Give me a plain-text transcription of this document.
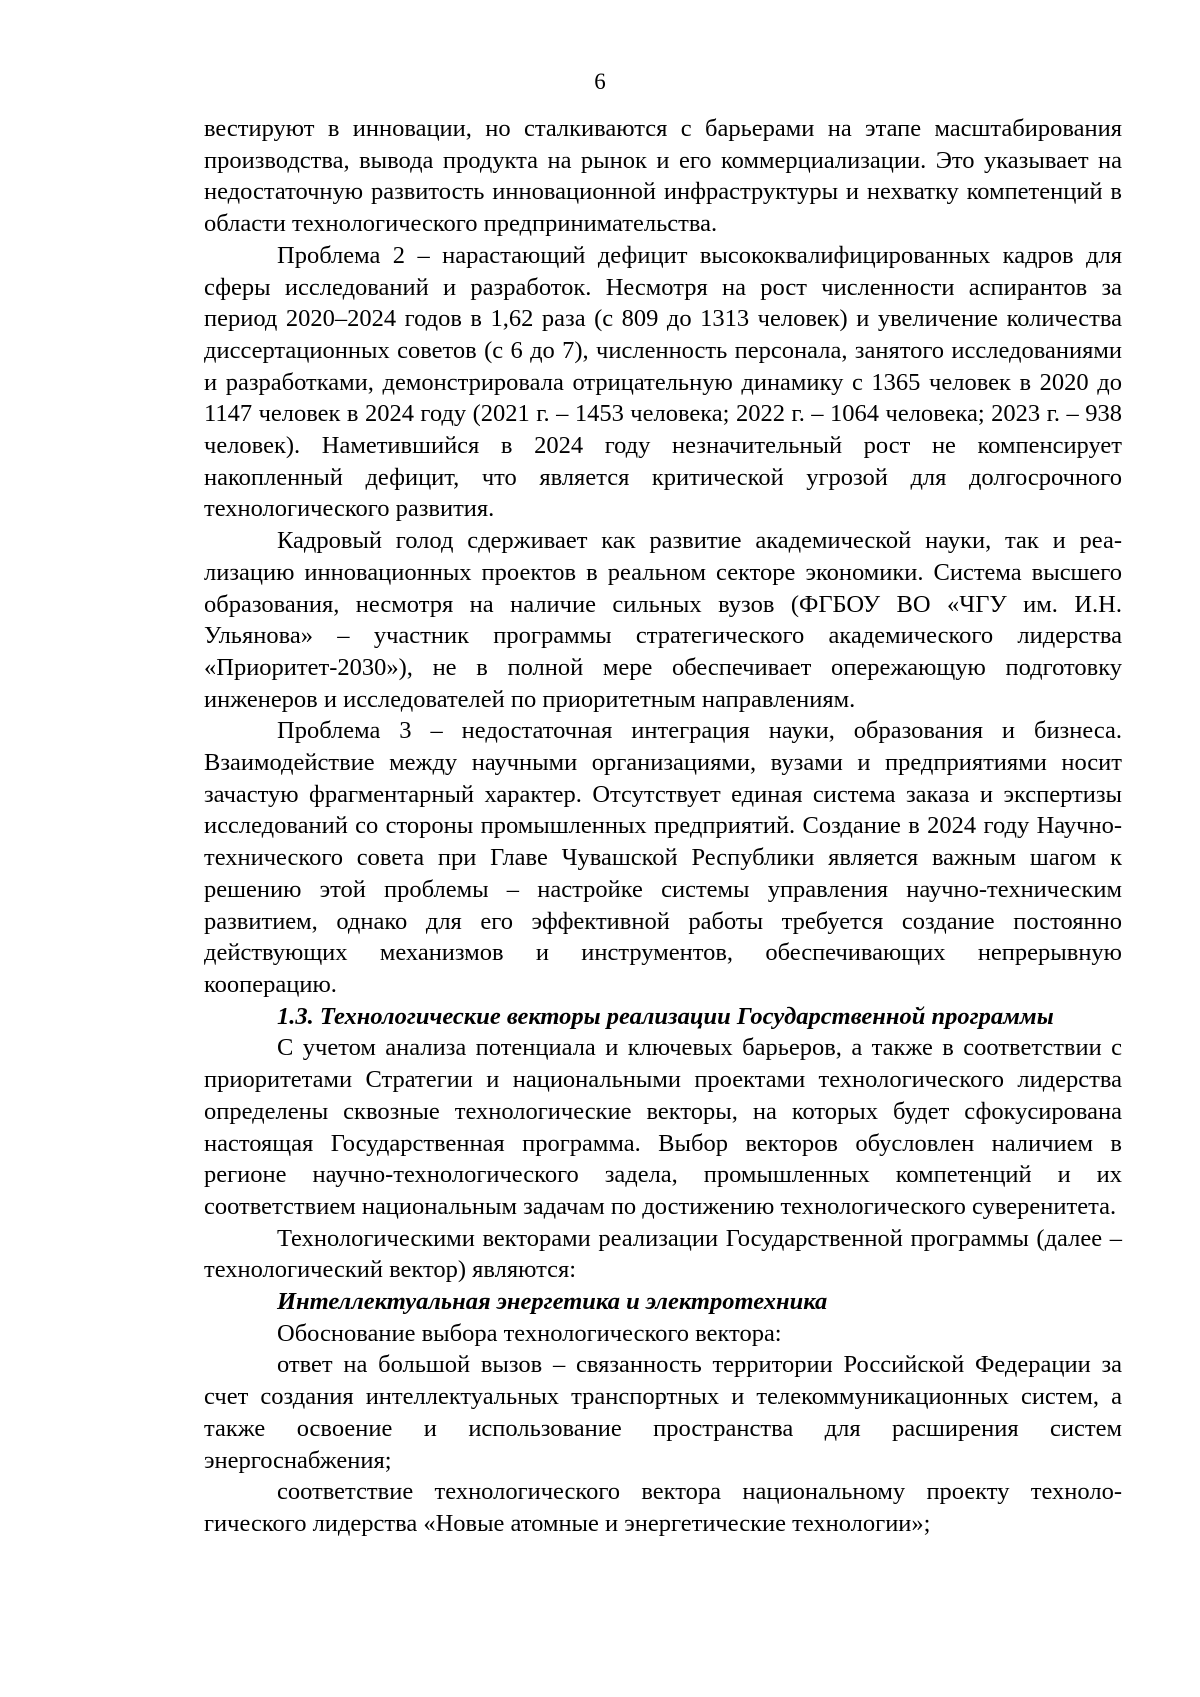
6

вестируют в инновации, но сталкиваются с барьерами на этапе масштабирования производства, вывода продукта на рынок и его коммерциализации. Это указывает на недостаточную развитость инновационной инфраструктуры и нехватку компетенций в области технологического предпринимательства.

Проблема 2 – нарастающий дефицит высококвалифицированных кадров для сферы исследований и разработок. Несмотря на рост численности аспирантов за период 2020–2024 годов в 1,62 раза (с 809 до 1313 человек) и увеличение количества диссертационных советов (с 6 до 7), численность персонала, занятого исследованиями и разработками, демонстрировала отрицательную динамику с 1365 человек в 2020 до 1147 человек в 2024 году (2021 г. – 1453 человека; 2022 г. – 1064 человека; 2023 г. – 938 человек). Наметившийся в 2024 году незначительный рост не компенсирует накопленный дефицит, что является критической угрозой для долгосрочного технологического развития.

Кадровый голод сдерживает как развитие академической науки, так и реализацию инновационных проектов в реальном секторе экономики. Система высшего образования, несмотря на наличие сильных вузов (ФГБОУ ВО «ЧГУ им. И.Н. Ульянова» – участник программы стратегического академического лидерства «Приоритет-2030»), не в полной мере обеспечивает опережающую подготовку инженеров и исследователей по приоритетным направлениям.

Проблема 3 – недостаточная интеграция науки, образования и бизнеса. Взаимодействие между научными организациями, вузами и предприятиями носит зачастую фрагментарный характер. Отсутствует единая система заказа и экспертизы исследований со стороны промышленных предприятий. Создание в 2024 году Научно-технического совета при Главе Чувашской Республики является важным шагом к решению этой проблемы – настройке системы управления научно-техническим развитием, однако для его эффективной работы требуется создание постоянно действующих механизмов и инструментов, обеспечивающих непрерывную кооперацию.

1.3. Технологические векторы реализации Государственной программы

С учетом анализа потенциала и ключевых барьеров, а также в соответствии с приоритетами Стратегии и национальными проектами технологического лидерства определены сквозные технологические векторы, на которых будет сфокусирована настоящая Государственная программа. Выбор векторов обусловлен наличием в регионе научно-технологического задела, промышленных компетенций и их соответствием национальным задачам по достижению технологического суверенитета.

Технологическими векторами реализации Государственной программы (далее – технологический вектор) являются:

Интеллектуальная энергетика и электротехника

Обоснование выбора технологического вектора:

ответ на большой вызов – связанность территории Российской Федерации за счет создания интеллектуальных транспортных и телекоммуникационных систем, а также освоение и использование пространства для расширения систем энергоснабжения;

соответствие технологического вектора национальному проекту технологического лидерства «Новые атомные и энергетические технологии»;
